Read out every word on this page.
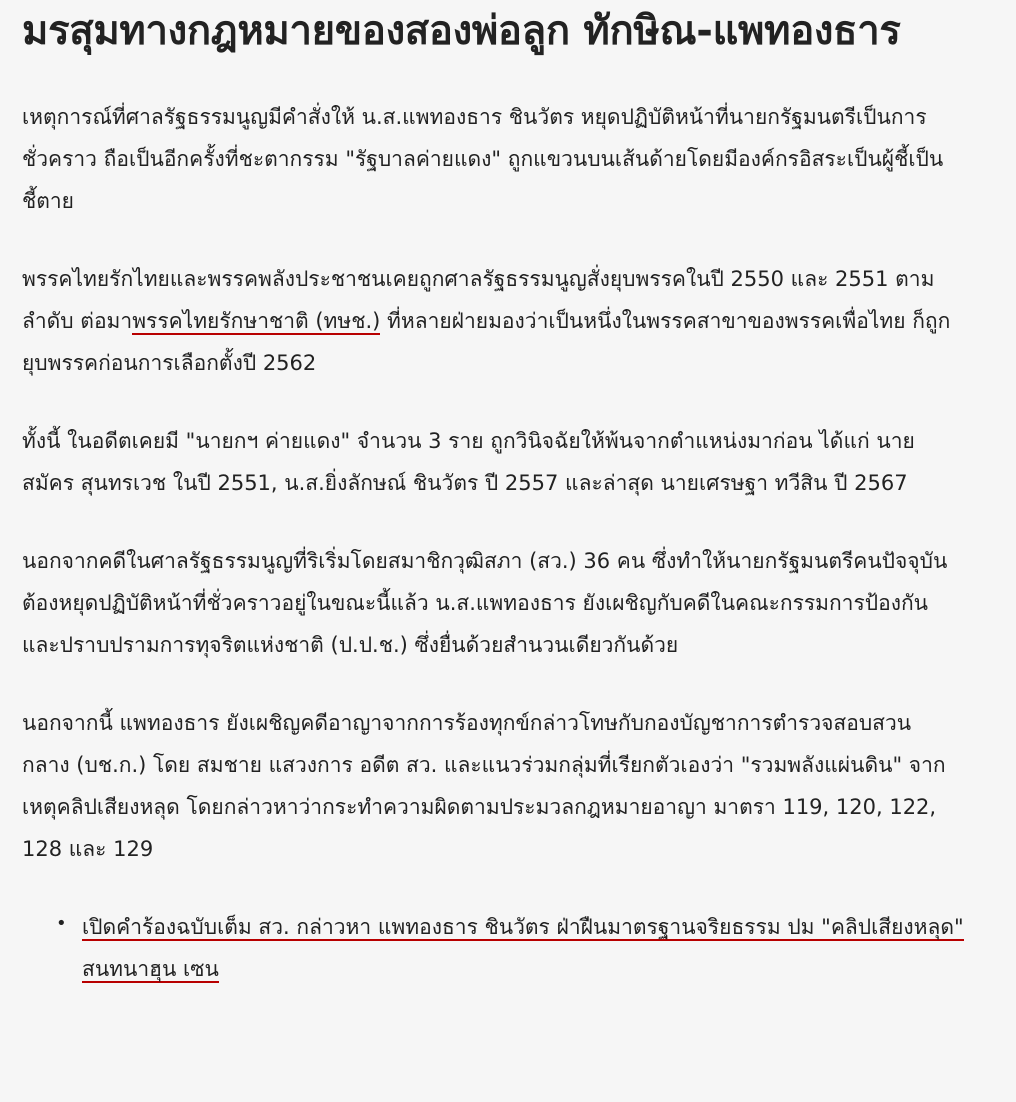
มรสุมทางกฎหมายของสองพ่อลูก ทักษิณ-แพทองธาร

เหตุการณ์ที่ศาลรัฐธรรมนูญมีคำสั่งให้ น.ส.แพทองธาร ชินวัตร หยุดปฏิบัติหน้าที่นายกรัฐมนตรีเป็นการชั่วคราว ถือเป็นอีกครั้งที่ชะตากรรม "รัฐบาลค่ายแดง" ถูกแขวนบนเส้นด้ายโดยมีองค์กรอิสระเป็นผู้ชี้เป็นชี้ตาย

พรรคไทยรักไทยและพรรคพลังประชาชนเคยถูกศาลรัฐธรรมนูญสั่งยุบพรรคในปี 2550 และ 2551 ตามลำดับ ต่อมาพรรคไทยรักษาชาติ (ทษช.) ที่หลายฝ่ายมองว่าเป็นหนึ่งในพรรคสาขาของพรรคเพื่อไทย ก็ถูกยุบพรรคก่อนการเลือกตั้งปี 2562

ทั้งนี้ ในอดีตเคยมี "นายกฯ ค่ายแดง" จำนวน 3 ราย ถูกวินิจฉัยให้พ้นจากตำแหน่งมาก่อน ได้แก่ นายสมัคร สุนทรเวช ในปี 2551, น.ส.ยิ่งลักษณ์ ชินวัตร ปี 2557 และล่าสุด นายเศรษฐา ทวีสิน ปี 2567

นอกจากคดีในศาลรัฐธรรมนูญที่ริเริ่มโดยสมาชิกวุฒิสภา (สว.) 36 คน ซึ่งทำให้นายกรัฐมนตรีคนปัจจุบันต้องหยุดปฏิบัติหน้าที่ชั่วคราวอยู่ในขณะนี้แล้ว น.ส.แพทองธาร ยังเผชิญกับคดีในคณะกรรมการป้องกันและปราบปรามการทุจริตแห่งชาติ (ป.ป.ช.) ซึ่งยื่นด้วยสำนวนเดียวกันด้วย

นอกจากนี้ แพทองธาร ยังเผชิญคดีอาญาจากการร้องทุกข์กล่าวโทษกับกองบัญชาการตำรวจสอบสวนกลาง (บช.ก.) โดย สมชาย แสวงการ อดีต สว. และแนวร่วมกลุ่มที่เรียกตัวเองว่า "รวมพลังแผ่นดิน" จากเหตุคลิปเสียงหลุด โดยกล่าวหาว่ากระทำความผิดตามประมวลกฎหมายอาญา มาตรา 119, 120, 122, 128 และ 129

• เปิดคำร้องฉบับเต็ม สว. กล่าวหา แพทองธาร ชินวัตร ฝ่าฝืนมาตรฐานจริยธรรม ปม "คลิปเสียงหลุด" สนทนาฮุน เซน
